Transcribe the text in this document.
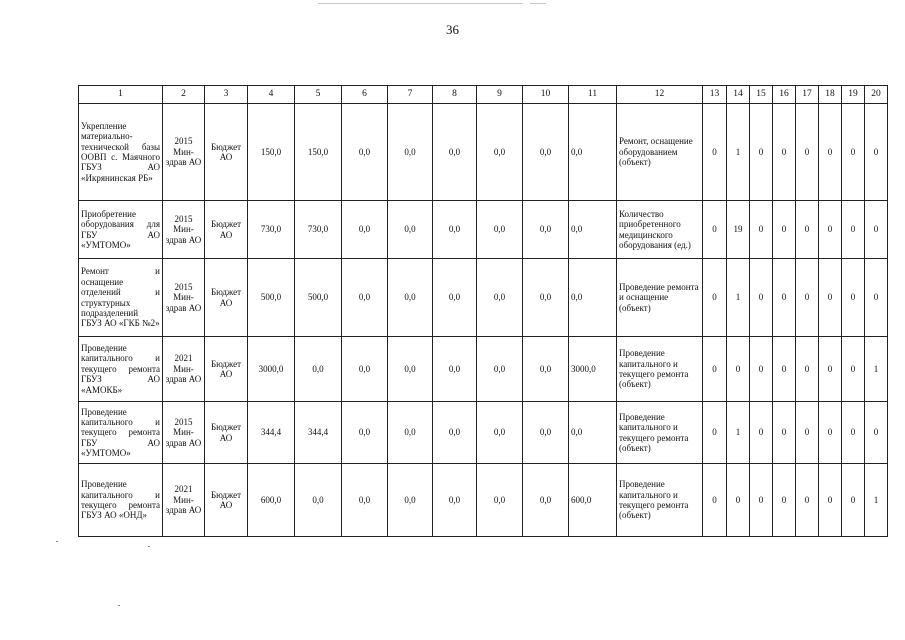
36
1	2	3	4	5	6	7	8	9	10	11	12	13	14	15	16	17	18	19	20
Укрепление материально-технической базы ООВП с. Маячного ГБУЗ АО «Икрянинская РБ»	2015 Мин-здрав АО	Бюджет АО	150,0	150,0	0,0	0,0	0,0	0,0	0,0	0,0	Ремонт, оснащение оборудованием (объект)	0	1	0	0	0	0	0	0
Приобретение оборудования для ГБУ АО «УМТОМО»	2015 Мин-здрав АО	Бюджет АО	730,0	730,0	0,0	0,0	0,0	0,0	0,0	0,0	Количество приобретенного медицинского оборудования (ед.)	0	19	0	0	0	0	0	0
Ремонт и оснащение отделений и структурных подразделений ГБУЗ АО «ГКБ №2»	2015 Мин-здрав АО	Бюджет АО	500,0	500,0	0,0	0,0	0,0	0,0	0,0	0,0	Проведение ремонта и оснащение (объект)	0	1	0	0	0	0	0	0
Проведение капитального и текущего ремонта ГБУЗ АО «АМОКБ»	2021 Мин-здрав АО	Бюджет АО	3000,0	0,0	0,0	0,0	0,0	0,0	0,0	3000,0	Проведение капитального и текущего ремонта (объект)	0	0	0	0	0	0	0	1
Проведение капитального и текущего ремонта ГБУ АО «УМТОМО»	2015 Мин-здрав АО	Бюджет АО	344,4	344,4	0,0	0,0	0,0	0,0	0,0	0,0	Проведение капитального и текущего ремонта (объект)	0	1	0	0	0	0	0	0
Проведение капитального и текущего ремонта ГБУЗ АО «ОНД»	2021 Мин-здрав АО	Бюджет АО	600,0	0,0	0,0	0,0	0,0	0,0	0,0	600,0	Проведение капитального и текущего ремонта (объект)	0	0	0	0	0	0	0	1
